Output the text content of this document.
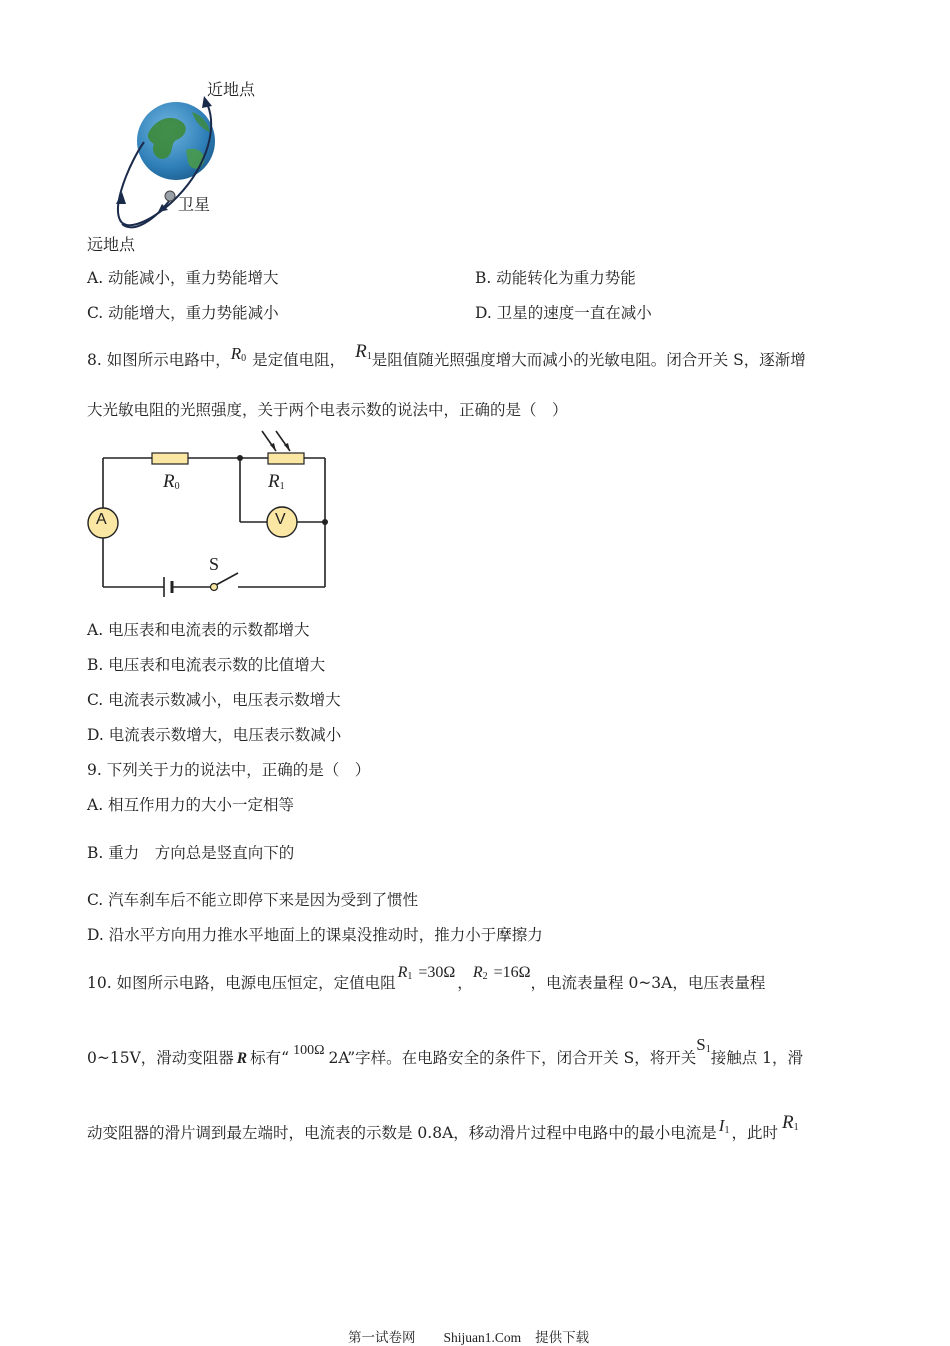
近地点
卫星
远地点
A. 动能减小，重力势能增大	B. 动能转化为重力势能
C. 动能增大，重力势能减小	D. 卫星的速度一直在减小
8. 如图所示电路中，$R_0$ 是定值电阻， $R_1$是阻值随光照强度增大而减小的光敏电阻。闭合开关 S，逐渐增
大光敏电阻的光照强度，关于两个电表示数的说法中，正确的是（　）
$R_0$	$R_1$
A	V
S
A. 电压表和电流表的示数都增大
B. 电压表和电流表示数的比值增大
C. 电流表示数减小，电压表示数增大
D. 电流表示数增大，电压表示数减小
9. 下列关于力的说法中，正确的是（　）
A. 相互作用力的大小一定相等
B. 重力　方向总是竖直向下的
C. 汽车刹车后不能立即停下来是因为受到了惯性
D. 沿水平方向用力推水平地面上的课桌没推动时，推力小于摩擦力
10. 如图所示电路，电源电压恒定，定值电阻$R_1 =30\Omega$，$R_2 =16\Omega$，电流表量程 0~3A，电压表量程
0~15V，滑动变阻器 R 标有“ 100Ω 2A”字样。在电路安全的条件下，闭合开关 S，将开关$S_1$接触点 1，滑
动变阻器的滑片调到最左端时，电流表的示数是 0.8A，移动滑片过程中电路中的最小电流是 $I_1$ ，此时 $R_1$
第一试卷网 Shijuan1.Com 提供下载
